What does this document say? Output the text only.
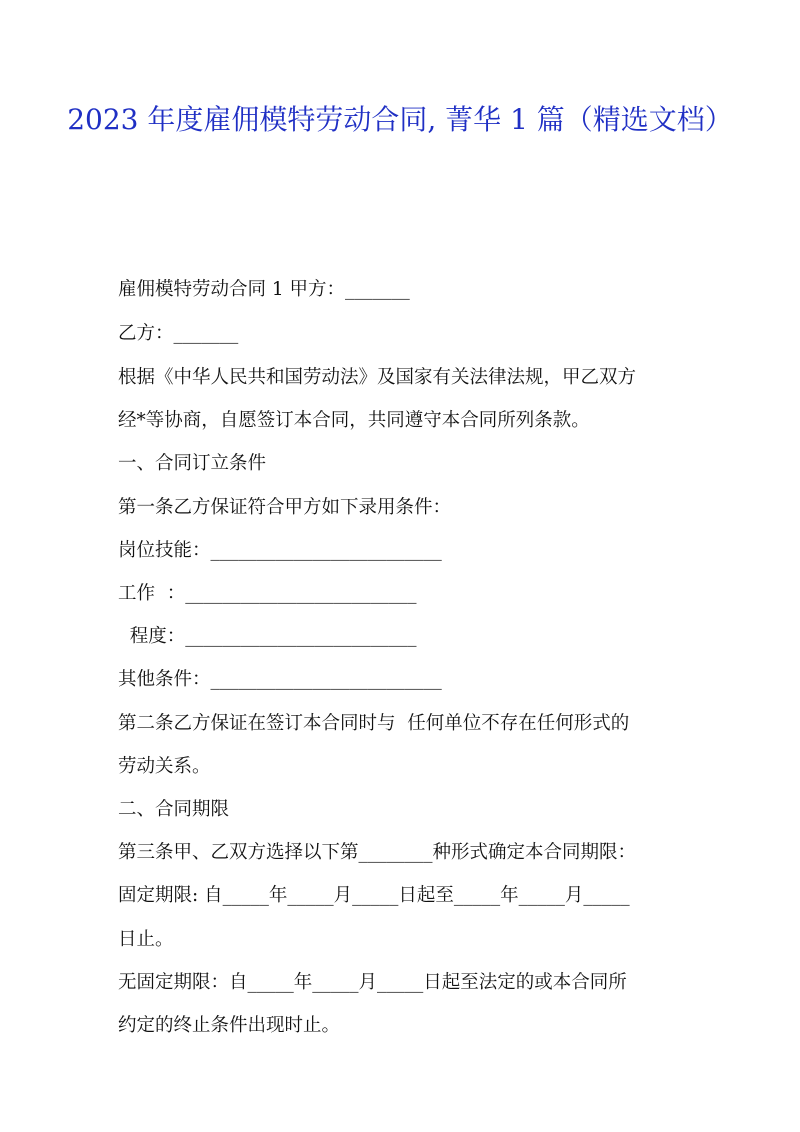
2023 年度雇佣模特劳动合同, 菁华 1 篇（精选文档）

雇佣模特劳动合同 1 甲方：_______

乙方：_______

根据《中华人民共和国劳动法》及国家有关法律法规，甲乙双方

经*等协商，自愿签订本合同，共同遵守本合同所列条款。

一、合同订立条件

第一条乙方保证符合甲方如下录用条件：

岗位技能：_________________________

工作  ：_________________________

程度：_________________________

其他条件：_________________________

第二条乙方保证在签订本合同时与  任何单位不存在任何形式的

劳动关系。

二、合同期限

第三条甲、乙双方选择以下第________种形式确定本合同期限：

固定期限: 自_____年_____月_____日起至_____年_____月_____

日止。

无固定期限：自_____年_____月_____日起至法定的或本合同所

约定的终止条件出现时止。
